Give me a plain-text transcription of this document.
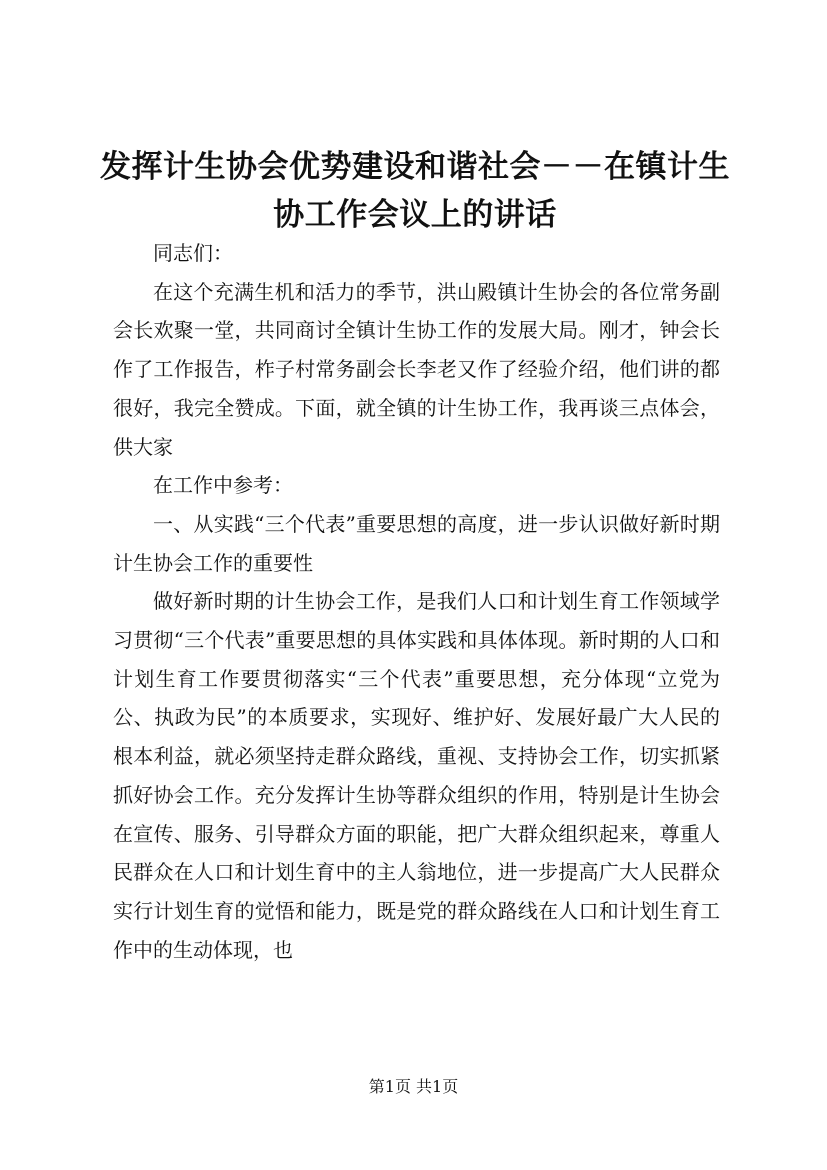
发挥计生协会优势建设和谐社会－－在镇计生协工作会议上的讲话

同志们：

在这个充满生机和活力的季节，洪山殿镇计生协会的各位常务副会长欢聚一堂，共同商讨全镇计生协工作的发展大局。刚才，钟会长作了工作报告，柞子村常务副会长李老又作了经验介绍，他们讲的都很好，我完全赞成。下面，就全镇的计生协工作，我再谈三点体会，供大家

在工作中参考：

一、从实践“三个代表”重要思想的高度，进一步认识做好新时期计生协会工作的重要性

做好新时期的计生协会工作，是我们人口和计划生育工作领域学习贯彻“三个代表”重要思想的具体实践和具体体现。新时期的人口和计划生育工作要贯彻落实“三个代表”重要思想，充分体现“立党为公、执政为民”的本质要求，实现好、维护好、发展好最广大人民的根本利益，就必须坚持走群众路线，重视、支持协会工作，切实抓紧抓好协会工作。充分发挥计生协等群众组织的作用，特别是计生协会在宣传、服务、引导群众方面的职能，把广大群众组织起来，尊重人民群众在人口和计划生育中的主人翁地位，进一步提高广大人民群众实行计划生育的觉悟和能力，既是党的群众路线在人口和计划生育工作中的生动体现，也

第1页 共1页
